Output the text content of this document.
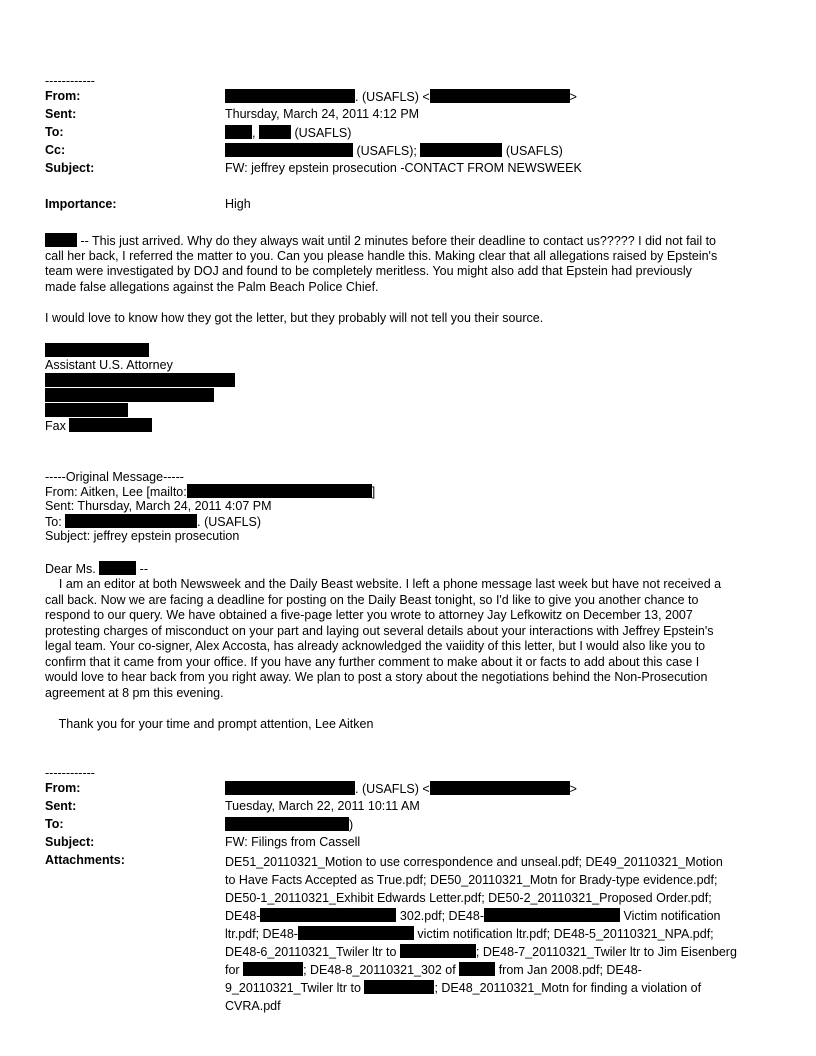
------------
From:	. (USAFLS) <	>
Sent:	Thursday, March 24, 2011 4:12 PM
To:	,	(USAFLS)
Cc:	(USAFLS);	(USAFLS)
Subject:	FW: jeffrey epstein prosecution -CONTACT FROM NEWSWEEK
Importance:	High
-- This just arrived. Why do they always wait until 2 minutes before their deadline to contact us????? I did not fail to
call her back, I referred the matter to you. Can you please handle this. Making clear that all allegations raised by Epstein's
team were investigated by DOJ and found to be completely meritless. You might also add that Epstein had previously
made false allegations against the Palm Beach Police Chief.
I would love to know how they got the letter, but they probably will not tell you their source.
Assistant U.S. Attorney
Fax
-----Original Message-----
From: Aitken, Lee [mailto:	]
Sent: Thursday, March 24, 2011 4:07 PM
To:	. (USAFLS)
Subject: jeffrey epstein prosecution
Dear Ms.	--
I am an editor at both Newsweek and the Daily Beast website. I left a phone message last week but have not received a
call back. Now we are facing a deadline for posting on the Daily Beast tonight, so I'd like to give you another chance to
respond to our query. We have obtained a five-page letter you wrote to attorney Jay Lefkowitz on December 13, 2007
protesting charges of misconduct on your part and laying out several details about your interactions with Jeffrey Epstein's
legal team. Your co-signer, Alex Accosta, has already acknowledged the vaiidity of this letter, but I would also like you to
confirm that it came from your office. If you have any further comment to make about it or facts to add about this case I
would love to hear back from you right away. We plan to post a story about the negotiations behind the Non-Prosecution
agreement at 8 pm this evening.
Thank you for your time and prompt attention, Lee Aitken
------------
From:	. (USAFLS) <	>
Sent:	Tuesday, March 22, 2011 10:11 AM
To:	)
Subject:	FW: Filings from Cassell
Attachments:	DE51_20110321_Motion to use correspondence and unseal.pdf; DE49_20110321_Motion
to Have Facts Accepted as True.pdf; DE50_20110321_Motn for Brady-type evidence.pdf;
DE50-1_20110321_Exhibit Edwards Letter.pdf; DE50-2_20110321_Proposed Order.pdf;
DE48-	302.pdf; DE48-	Victim notification
ltr.pdf; DE48-	victim notification ltr.pdf; DE48-5_20110321_NPA.pdf;
DE48-6_20110321_Twiler ltr to	; DE48-7_20110321_Twiler ltr to Jim Eisenberg
for	; DE48-8_20110321_302 of	from Jan 2008.pdf; DE48-
9_20110321_Twiler ltr to	; DE48_20110321_Motn for finding a violation of
CVRA.pdf
